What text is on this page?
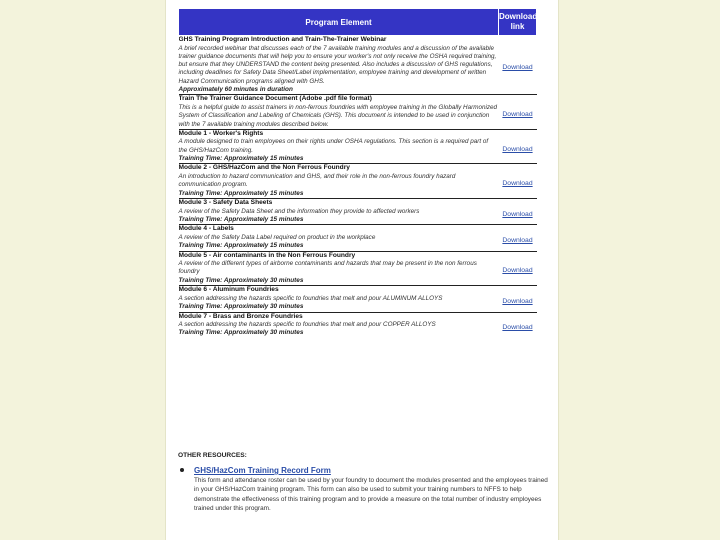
Program Element	Download link

GHS Training Program Introduction and Train-The-Trainer Webinar
A brief recorded webinar that discusses each of the 7 available training modules and a discussion of the available trainer guidance documents that will help you to ensure your worker's not only receive the OSHA required training, but ensure that they UNDERSTAND the content being presented. Also includes a discussion of GHS regulations, including deadlines for Safety Data Sheet/Label implementation, employee training and development of written Hazard Communication programs aligned with GHS.
Approximately 60 minutes in duration	Download

Train The Trainer Guidance Document (Adobe .pdf file format)
This is a helpful guide to assist trainers in non-ferrous foundries with employee training in the Globally Harmonized System of Classification and Labeling of Chemicals (GHS). This document is intended to be used in conjunction with the 7 available training modules described below.	Download

Module 1 - Worker's Rights
A module designed to train employees on their rights under OSHA regulations. This section is a required part of the GHS/HazCom training.
Training Time: Approximately 15 minutes	Download

Module 2 - GHS/HazCom and the Non Ferrous Foundry
An introduction to hazard communication and GHS, and their role in the non-ferrous foundry hazard communication program.
Training Time: Approximately 15 minutes	Download

Module 3 - Safety Data Sheets
A review of the Safety Data Sheet and the information they provide to affected workers
Training Time: Approximately 15 minutes	Download

Module 4 - Labels
A review of the Safety Data Label required on product in the workplace
Training Time: Approximately 15 minutes	Download

Module 5 - Air contaminants in the Non Ferrous Foundry
A review of the different types of airborne contaminants and hazards that may be present in the non ferrous foundry
Training Time: Approximately 30 minutes	Download

Module 6 - Aluminum Foundries
A section addressing the hazards specific to foundries that melt and pour ALUMINUM ALLOYS
Training Time: Approximately 30 minutes	Download

Module 7 - Brass and Bronze Foundries
A section addressing the hazards specific to foundries that melt and pour COPPER ALLOYS
Training Time: Approximately 30 minutes	Download
OTHER RESOURCES:
GHS/HazCom Training Record Form
This form and attendance roster can be used by your foundry to document the modules presented and the employees trained in your GHS/HazCom training program. This form can also be used to submit your training numbers to NFFS to help demonstrate the effectiveness of this training program and to provide a measure on the total number of industry employees trained under this program.
